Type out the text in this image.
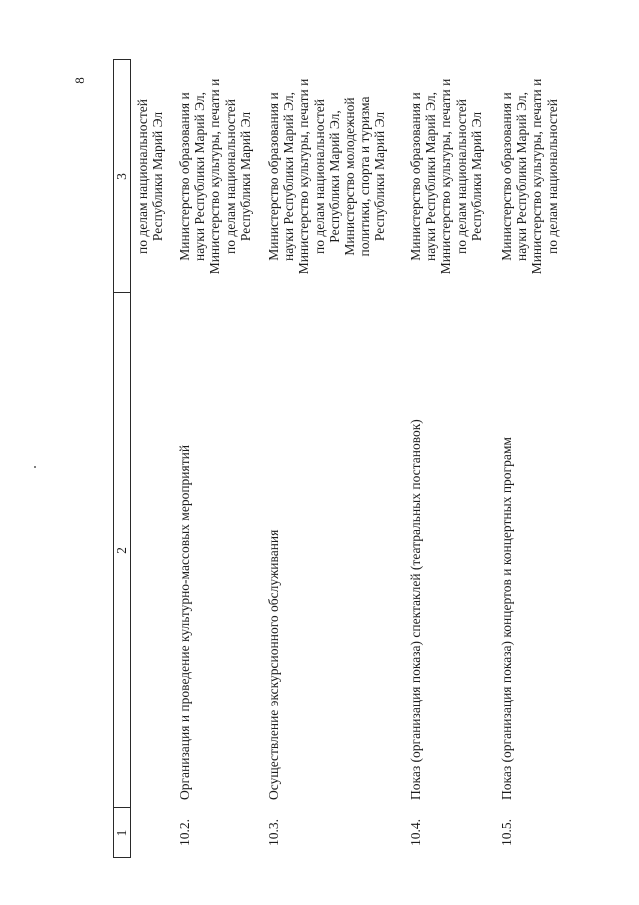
8
1
2
3 по делам национальностей Республики Марий Эл
10.2.
Организация и проведение культурно-массовых мероприятий
Министерство образования и науки Республики Марий Эл, Министерство культуры, печати и по делам национальностей Республики Марий Эл
10.3.
Осуществление экскурсионного обслуживания
Министерство образования и науки Республики Марий Эл, Министерство культуры, печати и по делам национальностей Республики Марий Эл, Министерство молодежной политики, спорта и туризма Республики Марий Эл
10.4.
Показ (организация показа) спектаклей (театральных постановок)
Министерство образования и науки Республики Марий Эл, Министерство культуры, печати и по делам национальностей Республики Марий Эл
10.5.
Показ (организация показа) концертов и концертных программ
Министерство образования и науки Республики Марий Эл, Министерство культуры, печати и по делам национальностей
